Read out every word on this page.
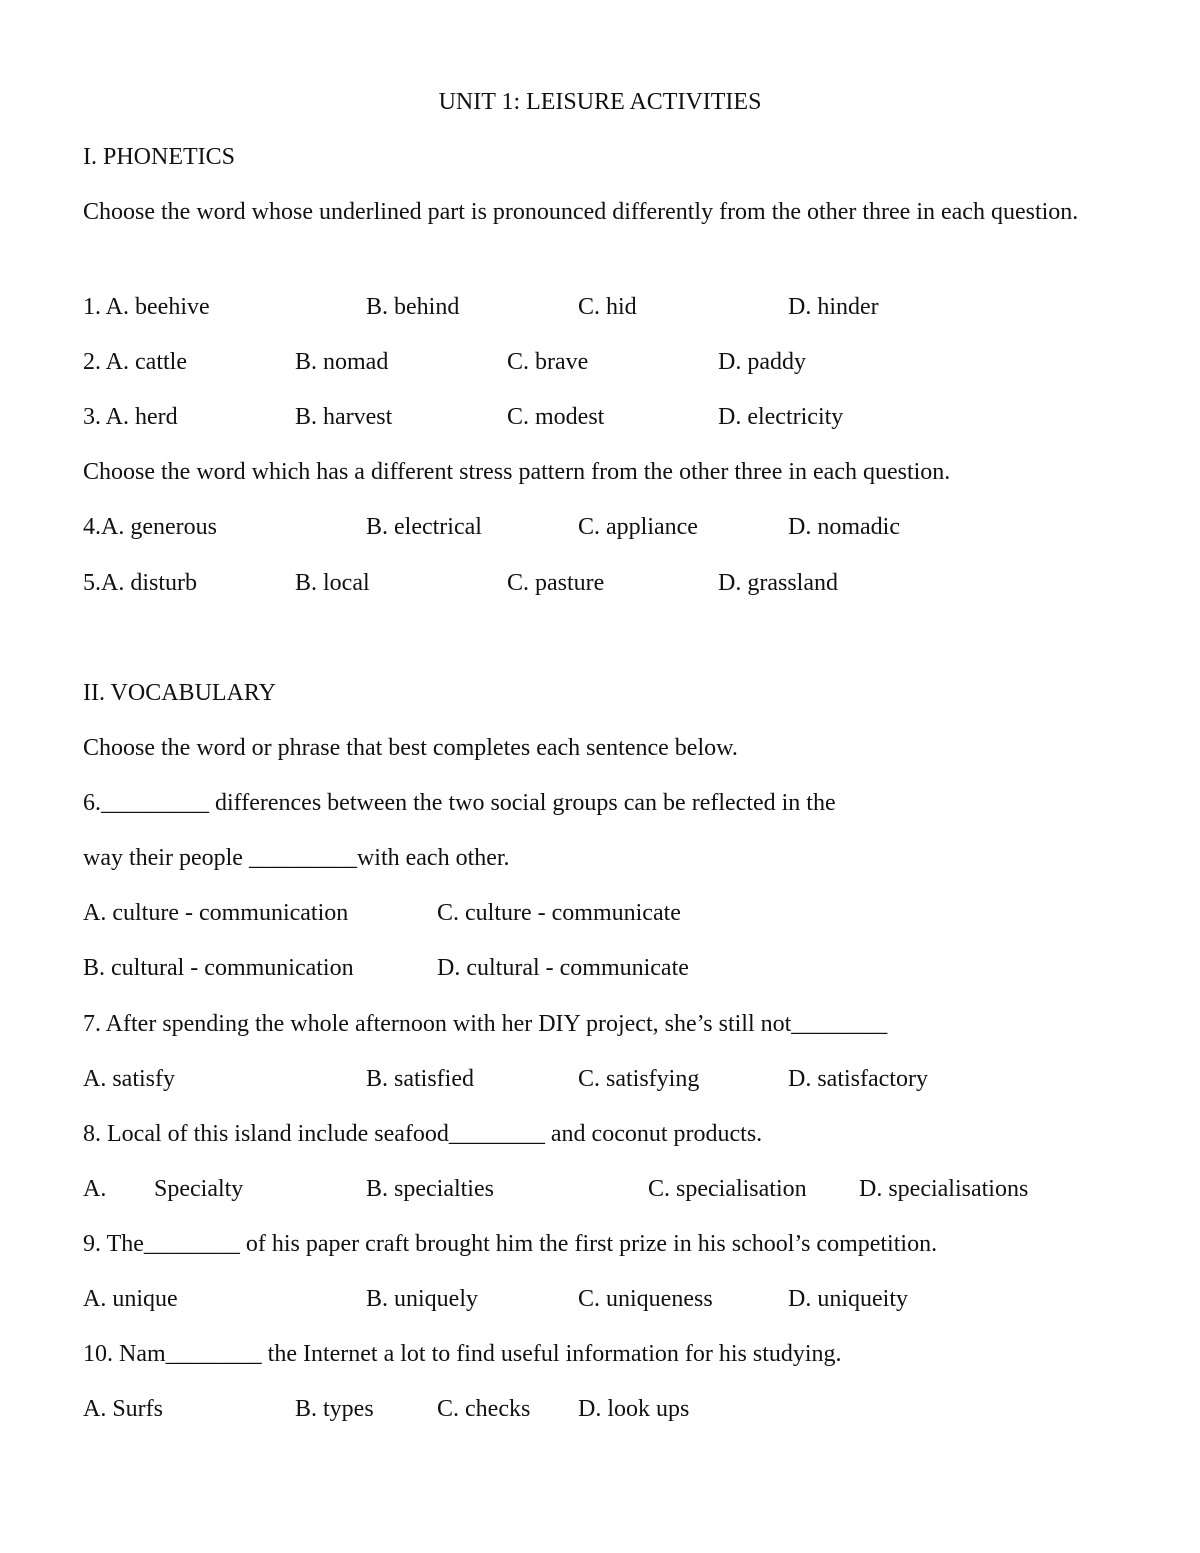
UNIT 1: LEISURE ACTIVITIES
I. PHONETICS
Choose the word whose underlined part is pronounced differently from the other three in each question.
1. A. beehive	B. behind	C. hid	D. hinder
2. A. cattle	B. nomad	C. brave	D. paddy
3. A. herd	B. harvest	C. modest	D. electricity
Choose the word which has a different stress pattern from the other three in each question.
4.A. generous	B. electrical	C. appliance	D. nomadic
5.A. disturb	B. local	C. pasture	D. grassland
II. VOCABULARY
Choose the word or phrase that best completes each sentence below.
6._________ differences between the two social groups can be reflected in the
way their people _________with each other.
A. culture - communication	C. culture - communicate
B. cultural - communication	D. cultural - communicate
7. After spending the whole afternoon with her DIY project, she’s still not________
A. satisfy	B. satisfied	C. satisfying	D. satisfactory
8. Local of this island include seafood________ and coconut products.
A. Specialty	B. specialties	C. specialisation D. specialisations
9. The________ of his paper craft brought him the first prize in his school’s competition.
A. unique	B. uniquely	C. uniqueness	D. uniqueity
10. Nam________ the Internet a lot to find useful information for his studying.
A. Surfs	B. types	C. checks D. look ups
